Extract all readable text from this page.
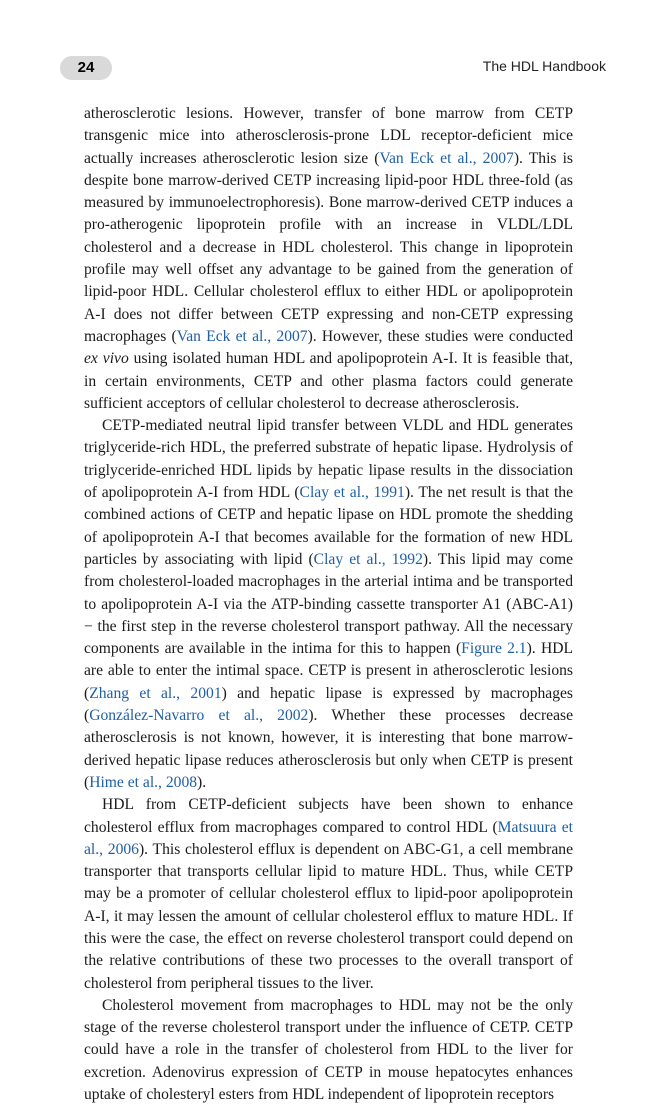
24	The HDL Handbook

atherosclerotic lesions. However, transfer of bone marrow from CETP transgenic mice into atherosclerosis-prone LDL receptor-deficient mice actually increases atherosclerotic lesion size (Van Eck et al., 2007). This is despite bone marrow-derived CETP increasing lipid-poor HDL three-fold (as measured by immunoelectrophoresis). Bone marrow-derived CETP induces a pro-atherogenic lipoprotein profile with an increase in VLDL/LDL cholesterol and a decrease in HDL cholesterol. This change in lipoprotein profile may well offset any advantage to be gained from the generation of lipid-poor HDL. Cellular cholesterol efflux to either HDL or apolipoprotein A-I does not differ between CETP expressing and non-CETP expressing macrophages (Van Eck et al., 2007). However, these studies were conducted ex vivo using isolated human HDL and apolipoprotein A-I. It is feasible that, in certain environments, CETP and other plasma factors could generate sufficient acceptors of cellular cholesterol to decrease atherosclerosis.

CETP-mediated neutral lipid transfer between VLDL and HDL generates triglyceride-rich HDL, the preferred substrate of hepatic lipase. Hydrolysis of triglyceride-enriched HDL lipids by hepatic lipase results in the dissociation of apolipoprotein A-I from HDL (Clay et al., 1991). The net result is that the combined actions of CETP and hepatic lipase on HDL promote the shedding of apolipoprotein A-I that becomes available for the formation of new HDL particles by associating with lipid (Clay et al., 1992). This lipid may come from cholesterol-loaded macrophages in the arterial intima and be transported to apolipoprotein A-I via the ATP-binding cassette transporter A1 (ABC-A1) − the first step in the reverse cholesterol transport pathway. All the necessary components are available in the intima for this to happen (Figure 2.1). HDL are able to enter the intimal space. CETP is present in atherosclerotic lesions (Zhang et al., 2001) and hepatic lipase is expressed by macrophages (González-Navarro et al., 2002). Whether these processes decrease atherosclerosis is not known, however, it is interesting that bone marrow-derived hepatic lipase reduces atherosclerosis but only when CETP is present (Hime et al., 2008).

HDL from CETP-deficient subjects have been shown to enhance cholesterol efflux from macrophages compared to control HDL (Matsuura et al., 2006). This cholesterol efflux is dependent on ABC-G1, a cell membrane transporter that transports cellular lipid to mature HDL. Thus, while CETP may be a promoter of cellular cholesterol efflux to lipid-poor apolipoprotein A-I, it may lessen the amount of cellular cholesterol efflux to mature HDL. If this were the case, the effect on reverse cholesterol transport could depend on the relative contributions of these two processes to the overall transport of cholesterol from peripheral tissues to the liver.

Cholesterol movement from macrophages to HDL may not be the only stage of the reverse cholesterol transport under the influence of CETP. CETP could have a role in the transfer of cholesterol from HDL to the liver for excretion. Adenovirus expression of CETP in mouse hepatocytes enhances uptake of cholesteryl esters from HDL independent of lipoprotein receptors
